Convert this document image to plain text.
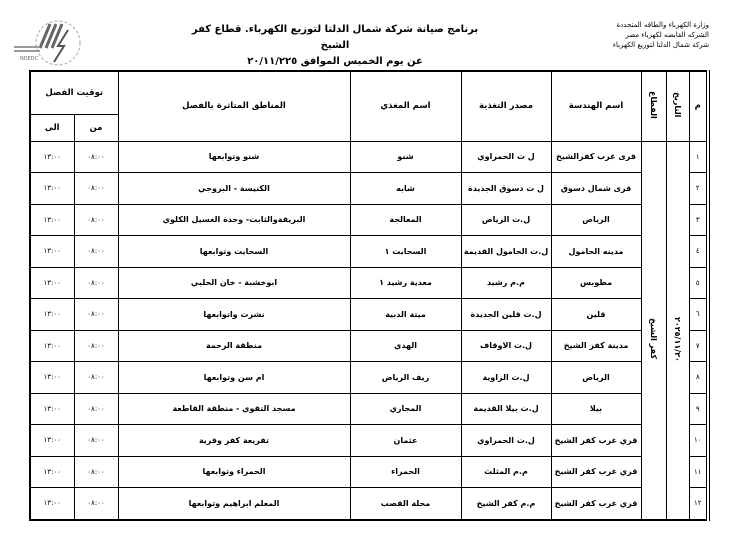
وزارة الكهرباء والطاقه المتجددة
الشركه القابضه لكهرباء مصر
شركة شمال الدلتا لتوزيع الكهرباء
برنامج صيانة شركة شمال الدلتا لتوزيع الكهرباء. قطاع كفر الشيخ
عن يوم الخميس الموافق ٢٠/١١/٢٢٥
NDEDC
م	التاريخ	القطاع	اسم الهندسة	مصدر التغذية	اسم المغذي	المناطق المتاثرة بالفصل	توقيت الفصل	
							من	الى
١	٢٠٢٥/١١/٢٠	كفر الشيخ	قرى غرب كفرالشيخ	ل ت الحمراوي	شنو	شنو وتوابعها	٠٨:٠٠	١٣:٠٠
٢			قرى شمال دسوق	ل ت دسوق الجديدة	شابه	الكنيسة - البروجي	٠٨:٠٠	١٣:٠٠
٣			الرياض	ل.ت الرياض	المعالجة	البريقةوالثابت- وحدة الغسيل الكلوي	٠٨:٠٠	١٣:٠٠
٤			مدينه الحامول	ل.ت الحامول القديمة	السحايت ١	السحايت وتوابعها	٠٨:٠٠	١٣:٠٠
٥			مطوبس	م.م رشيد	معدية رشيد ١	ابوخشبة - خان الحلبي	٠٨:٠٠	١٣:٠٠
٦			قلين	ل.ت قلين الجديدة	ميتة الدبية	نشرت واتوابعها	٠٨:٠٠	١٣:٠٠
٧			مدينة كفر الشيخ	ل.ت الاوقاف	الهدي	منطقة الرحمة	٠٨:٠٠	١٣:٠٠
٨			الرياض	ل.ت الزاوية	ريف الرياض	ام سن وتوابعها	٠٨:٠٠	١٣:٠٠
٩			بيلا	ل.ت بيلا القديمة	المجاري	مسجد التقوي - منطقة القاطعة	٠٨:٠٠	١٣:٠٠
١٠			قري غرب كفر الشيخ	ل.ت الحمراوي	عثمان	تفريعة كفر وقرية	٠٨:٠٠	١٣:٠٠
١١			قري غرب كفر الشيخ	م.م المثلث	الحمراء	الحمراء وتوابعها	٠٨:٠٠	١٣:٠٠
١٢			قري غرب كفر الشيخ	م.م كفر الشيخ	محلة القصب	المعلم ابراهيم وتوابعها	٠٨:٠٠	١٣:٠٠
